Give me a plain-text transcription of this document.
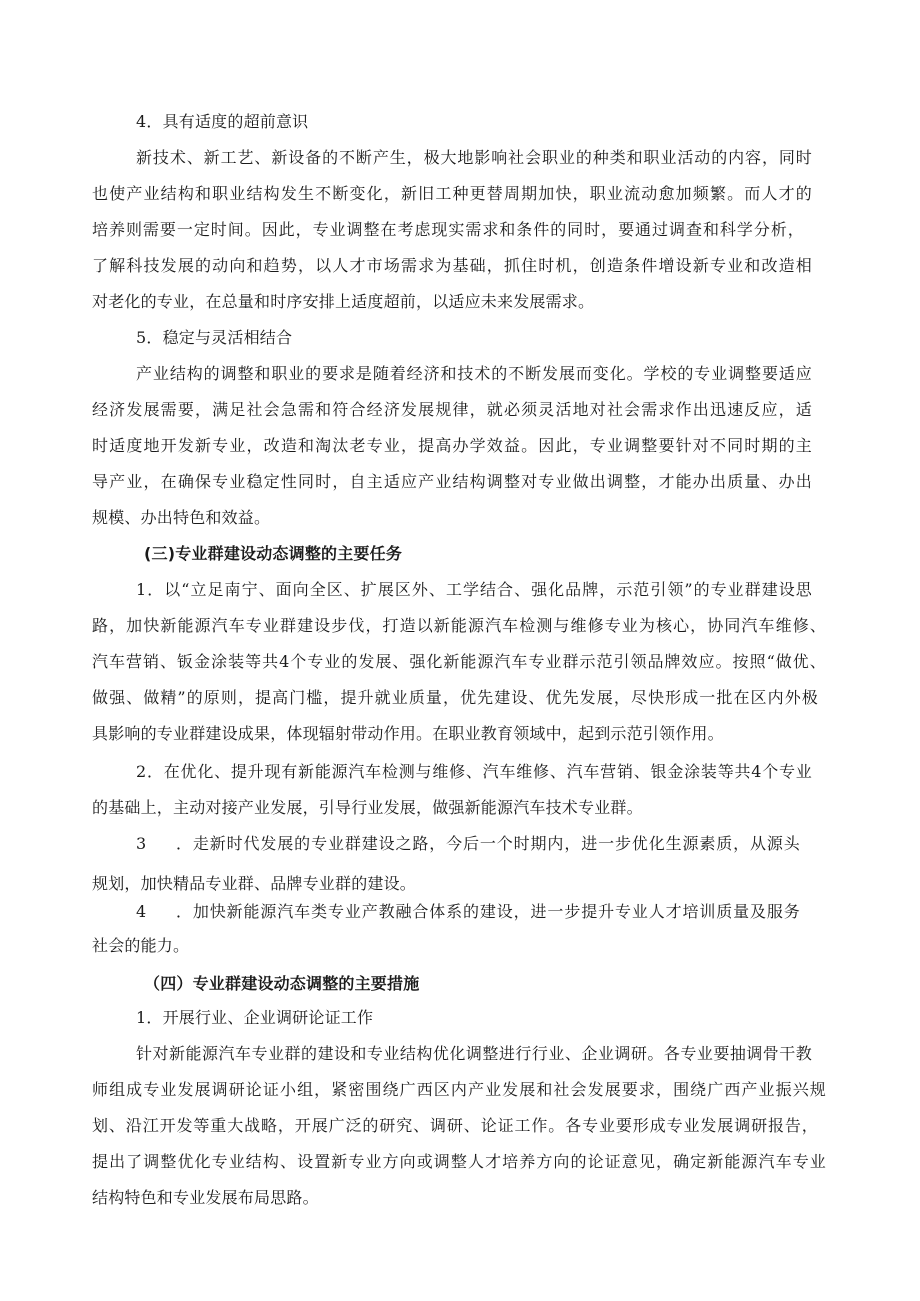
4．具有适度的超前意识
新技术、新工艺、新设备的不断产生，极大地影响社会职业的种类和职业活动的内容，同时
也使产业结构和职业结构发生不断变化，新旧工种更替周期加快，职业流动愈加频繁。而人才的
培养则需要一定时间。因此，专业调整在考虑现实需求和条件的同时，要通过调查和科学分析，
了解科技发展的动向和趋势，以人才市场需求为基础，抓住时机，创造条件增设新专业和改造相
对老化的专业，在总量和时序安排上适度超前，以适应未来发展需求。
5．稳定与灵活相结合
产业结构的调整和职业的要求是随着经济和技术的不断发展而变化。学校的专业调整要适应
经济发展需要，满足社会急需和符合经济发展规律，就必须灵活地对社会需求作出迅速反应，适
时适度地开发新专业，改造和淘汰老专业，提高办学效益。因此，专业调整要针对不同时期的主
导产业，在确保专业稳定性同时，自主适应产业结构调整对专业做出调整，才能办出质量、办出
规模、办出特色和效益。
(三)专业群建设动态调整的主要任务
1．以“立足南宁、面向全区、扩展区外、工学结合、强化品牌，示范引领”的专业群建设思
路，加快新能源汽车专业群建设步伐，打造以新能源汽车检测与维修专业为核心，协同汽车维修、
汽车营销、钣金涂装等共4个专业的发展、强化新能源汽车专业群示范引领品牌效应。按照“做优、
做强、做精”的原则，提高门槛，提升就业质量，优先建设、优先发展，尽快形成一批在区内外极
具影响的专业群建设成果，体现辐射带动作用。在职业教育领域中，起到示范引领作用。
2．在优化、提升现有新能源汽车检测与维修、汽车维修、汽车营销、银金涂装等共4个专业
的基础上，主动对接产业发展，引导行业发展，做强新能源汽车技术专业群。
3 ．走新时代发展的专业群建设之路，今后一个时期内，进一步优化生源素质，从源头
规划，加快精品专业群、品牌专业群的建设。
4 ．加快新能源汽车类专业产教融合体系的建设，进一步提升专业人才培训质量及服务
社会的能力。
（四）专业群建设动态调整的主要措施
1．开展行业、企业调研论证工作
针对新能源汽车专业群的建设和专业结构优化调整进行行业、企业调研。各专业要抽调骨干教
师组成专业发展调研论证小组，紧密围绕广西区内产业发展和社会发展要求，围绕广西产业振兴规
划、沿江开发等重大战略，开展广泛的研究、调研、论证工作。各专业要形成专业发展调研报告，
提出了调整优化专业结构、设置新专业方向或调整人才培养方向的论证意见，确定新能源汽车专业
结构特色和专业发展布局思路。
